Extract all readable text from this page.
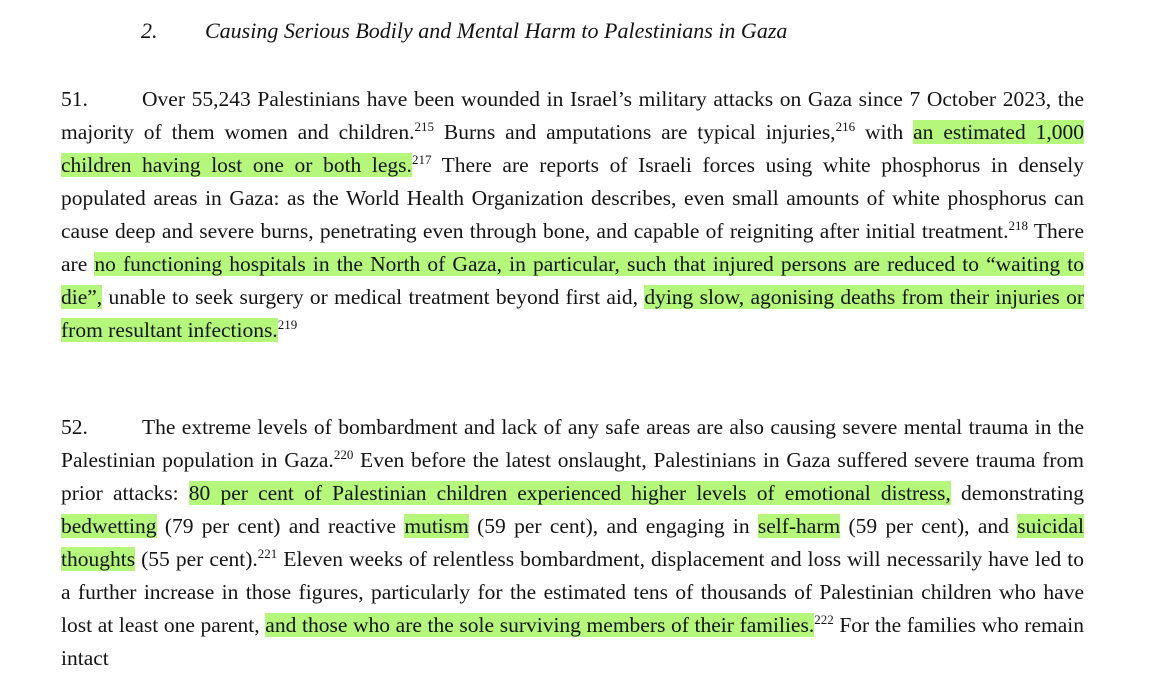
2. Causing Serious Bodily and Mental Harm to Palestinians in Gaza
51.	Over 55,243 Palestinians have been wounded in Israel’s military attacks on Gaza since 7 October 2023, the majority of them women and children.$^{215}$ Burns and amputations are typical injuries,$^{216}$ with an estimated 1,000 children having lost one or both legs.$^{217}$ There are reports of Israeli forces using white phosphorus in densely populated areas in Gaza: as the World Health Organization describes, even small amounts of white phosphorus can cause deep and severe burns, penetrating even through bone, and capable of reigniting after initial treatment.$^{218}$ There are no functioning hospitals in the North of Gaza, in particular, such that injured persons are reduced to “waiting to die”, unable to seek surgery or medical treatment beyond first aid, dying slow, agonising deaths from their injuries or from resultant infections.$^{219}$
52.	The extreme levels of bombardment and lack of any safe areas are also causing severe mental trauma in the Palestinian population in Gaza.$^{220}$ Even before the latest onslaught, Palestinians in Gaza suffered severe trauma from prior attacks: 80 per cent of Palestinian children experienced higher levels of emotional distress, demonstrating bedwetting (79 per cent) and reactive mutism (59 per cent), and engaging in self-harm (59 per cent), and suicidal thoughts (55 per cent).$^{221}$ Eleven weeks of relentless bombardment, displacement and loss will necessarily have led to a further increase in those figures, particularly for the estimated tens of thousands of Palestinian children who have lost at least one parent, and those who are the sole surviving members of their families.$^{222}$ For the families who remain intact
